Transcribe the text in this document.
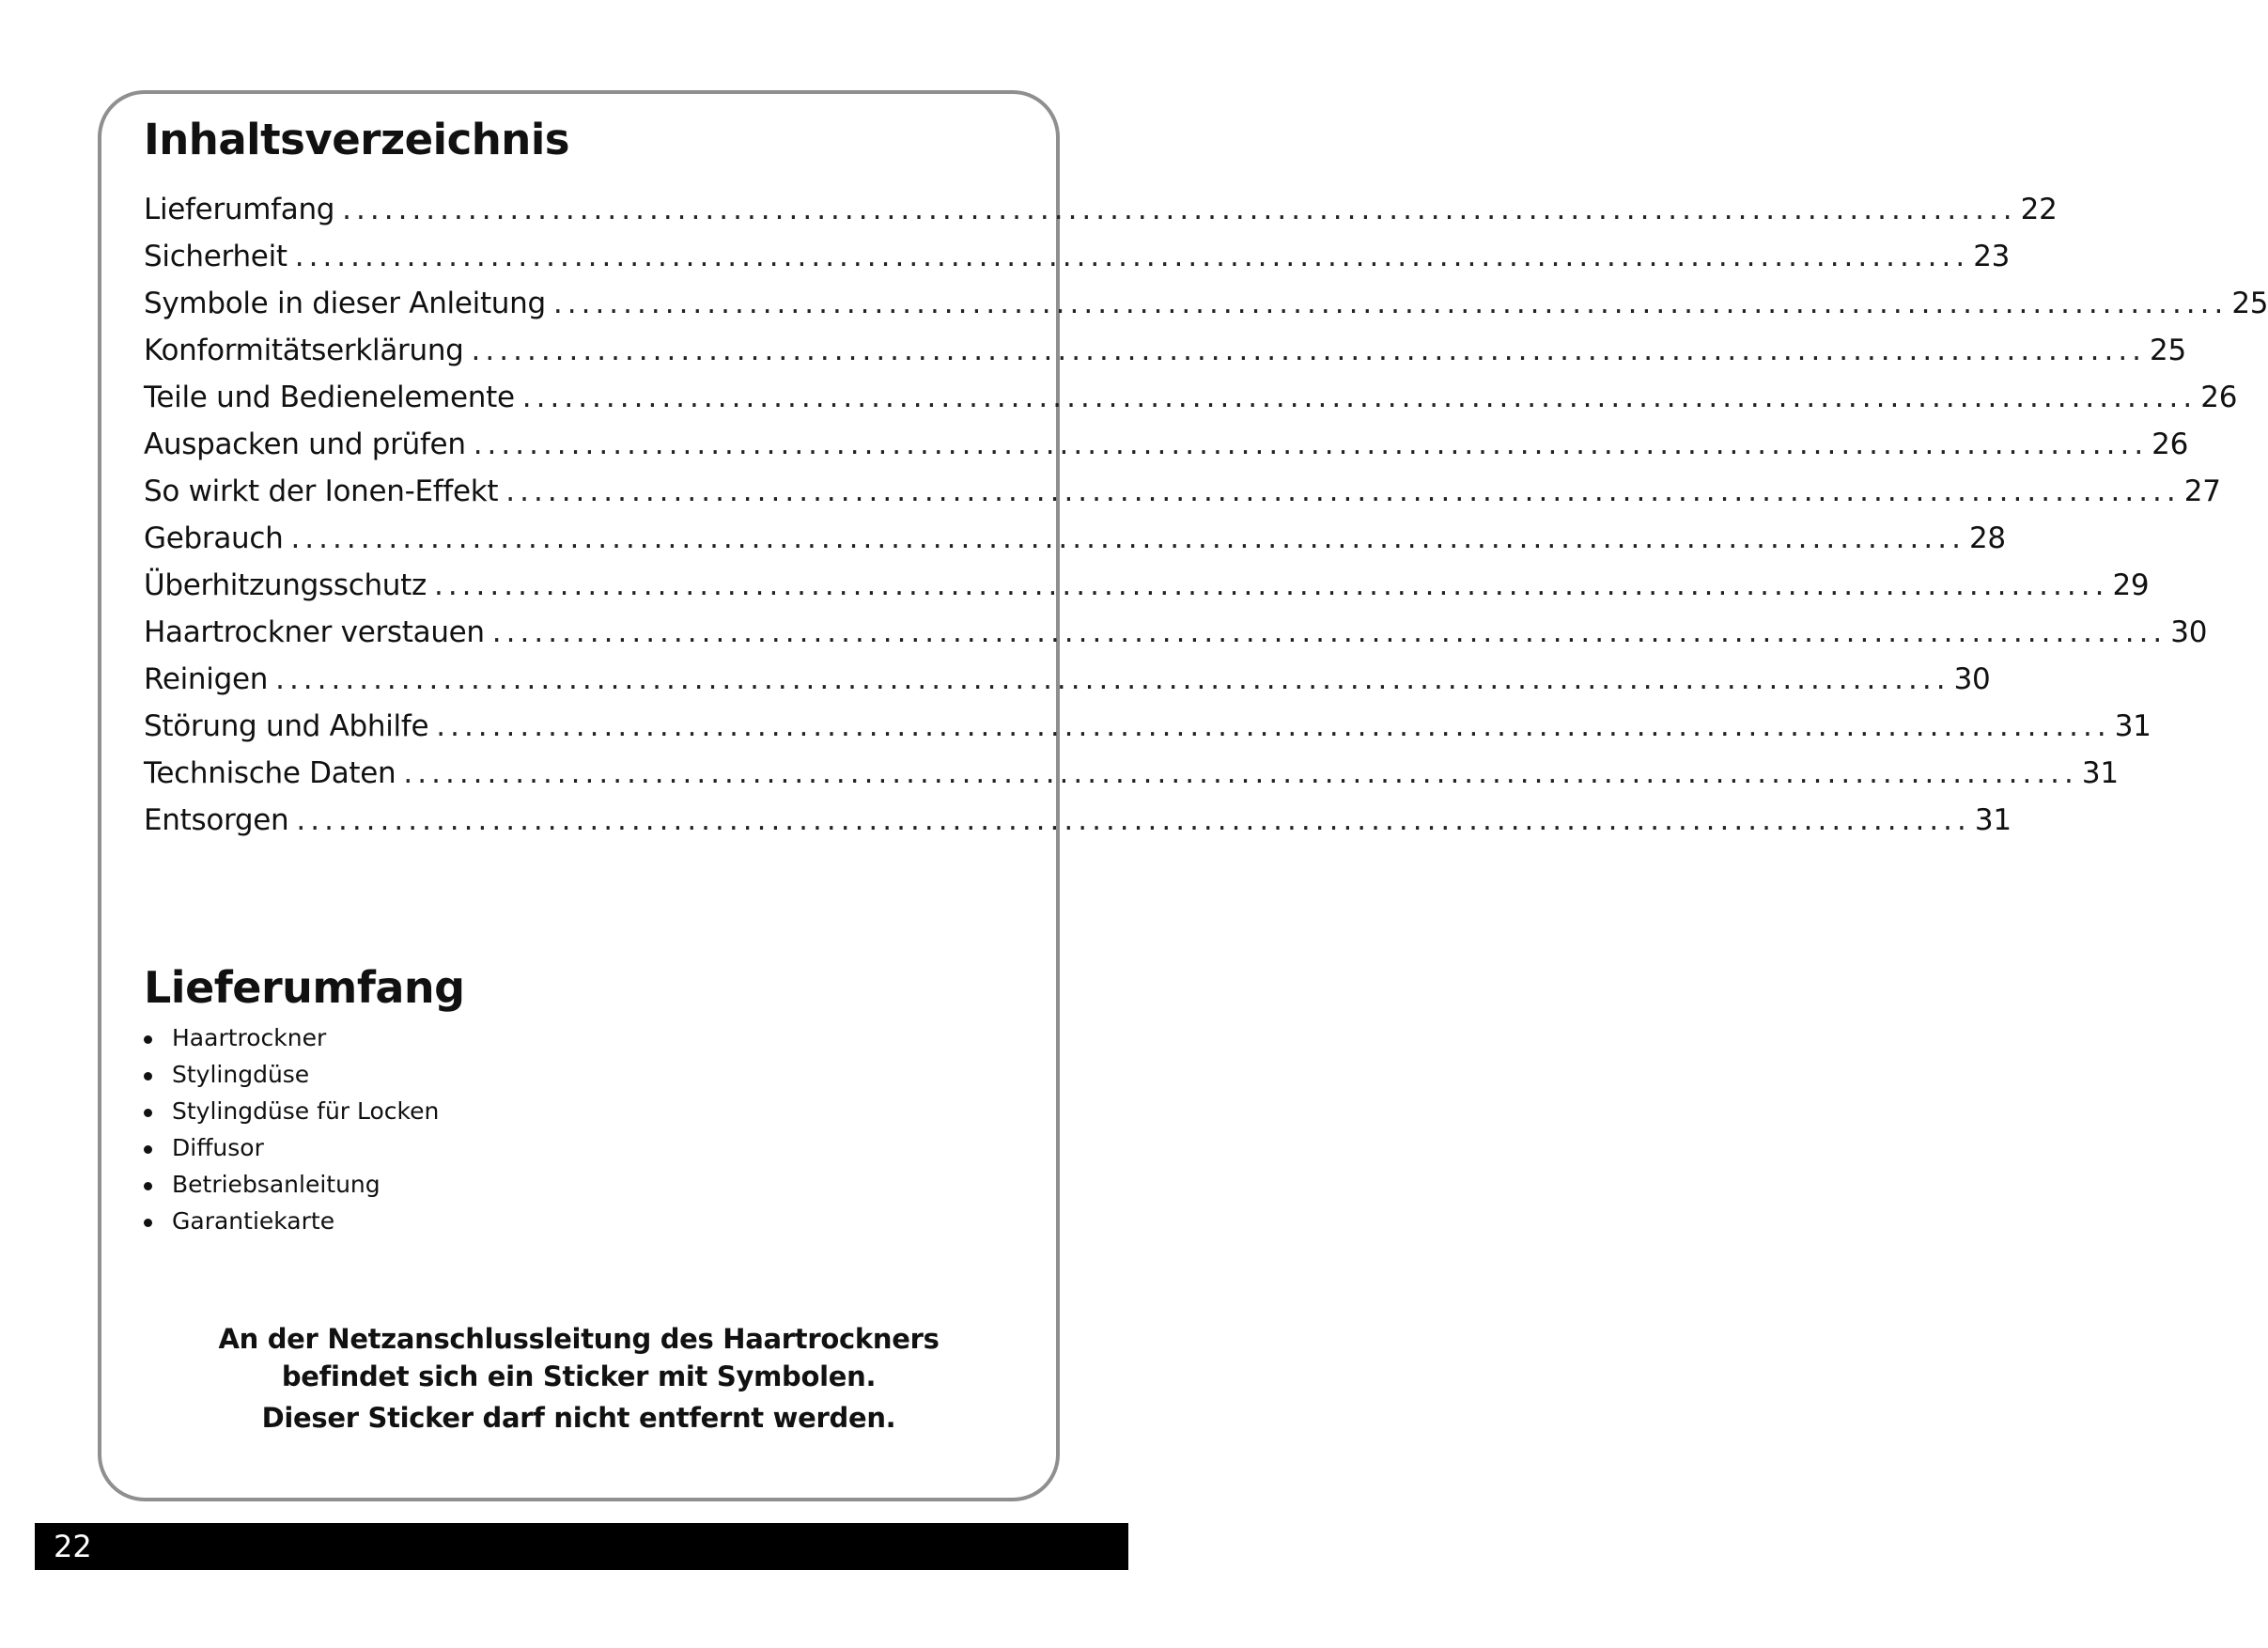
Inhaltsverzeichnis
Lieferumfang ........................................................................................................................ 22
Sicherheit ........................................................................................................................ 23
Symbole in dieser Anleitung ........................................................................................................................ 25
Konformitätserklärung ........................................................................................................................ 25
Teile und Bedienelemente ........................................................................................................................ 26
Auspacken und prüfen ........................................................................................................................ 26
So wirkt der Ionen-Effekt ........................................................................................................................ 27
Gebrauch ........................................................................................................................ 28
Überhitzungsschutz ........................................................................................................................ 29
Haartrockner verstauen ........................................................................................................................ 30
Reinigen ........................................................................................................................ 30
Störung und Abhilfe ........................................................................................................................ 31
Technische Daten ........................................................................................................................ 31
Entsorgen ........................................................................................................................ 31
Lieferumfang
Haartrockner
Stylingdüse
Stylingdüse für Locken
Diffusor
Betriebsanleitung
Garantiekarte
An der Netzanschlussleitung des Haartrockners
befindet sich ein Sticker mit Symbolen.
Dieser Sticker darf nicht entfernt werden.
22
